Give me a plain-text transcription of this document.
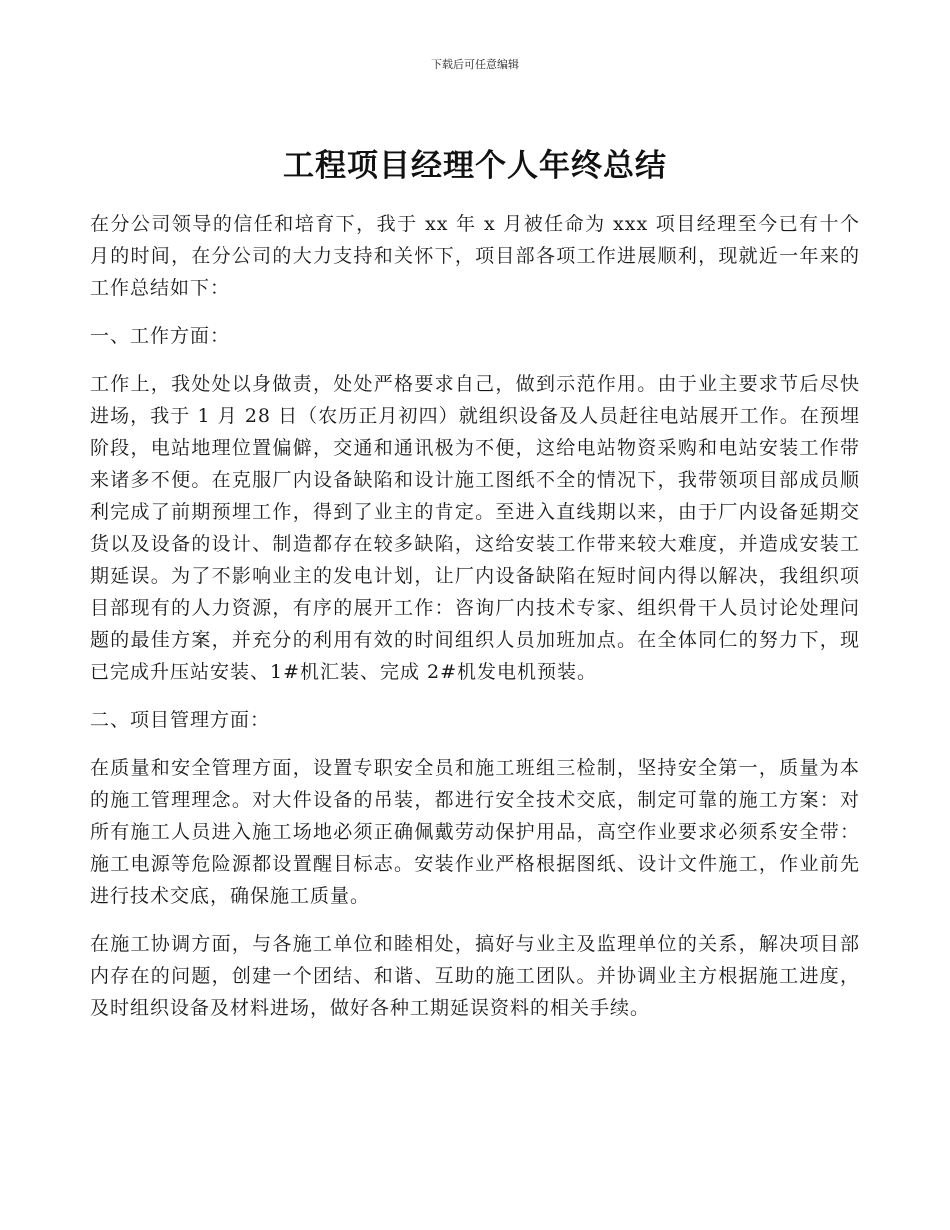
下载后可任意编辑
工程项目经理个人年终总结

在分公司领导的信任和培育下，我于 xx 年 x 月被任命为 xxx 项目经理至今已有十个月的时间，在分公司的大力支持和关怀下，项目部各项工作进展顺利，现就近一年来的工作总结如下：

一、工作方面：

工作上，我处处以身做责，处处严格要求自己，做到示范作用。由于业主要求节后尽快进场，我于 1 月 28 日（农历正月初四）就组织设备及人员赶往电站展开工作。在预埋阶段，电站地理位置偏僻，交通和通讯极为不便，这给电站物资采购和电站安装工作带来诸多不便。在克服厂内设备缺陷和设计施工图纸不全的情况下，我带领项目部成员顺利完成了前期预埋工作，得到了业主的肯定。至进入直线期以来，由于厂内设备延期交货以及设备的设计、制造都存在较多缺陷，这给安装工作带来较大难度，并造成安装工期延误。为了不影响业主的发电计划，让厂内设备缺陷在短时间内得以解决，我组织项目部现有的人力资源，有序的展开工作：咨询厂内技术专家、组织骨干人员讨论处理问题的最佳方案，并充分的利用有效的时间组织人员加班加点。在全体同仁的努力下，现已完成升压站安装、1#机汇装、完成 2#机发电机预装。

二、项目管理方面：

在质量和安全管理方面，设置专职安全员和施工班组三检制，坚持安全第一，质量为本的施工管理理念。对大件设备的吊装，都进行安全技术交底，制定可靠的施工方案：对所有施工人员进入施工场地必须正确佩戴劳动保护用品，高空作业要求必须系安全带：施工电源等危险源都设置醒目标志。安装作业严格根据图纸、设计文件施工，作业前先进行技术交底，确保施工质量。

在施工协调方面，与各施工单位和睦相处，搞好与业主及监理单位的关系，解决项目部内存在的问题，创建一个团结、和谐、互助的施工团队。并协调业主方根据施工进度，及时组织设备及材料进场，做好各种工期延误资料的相关手续。
